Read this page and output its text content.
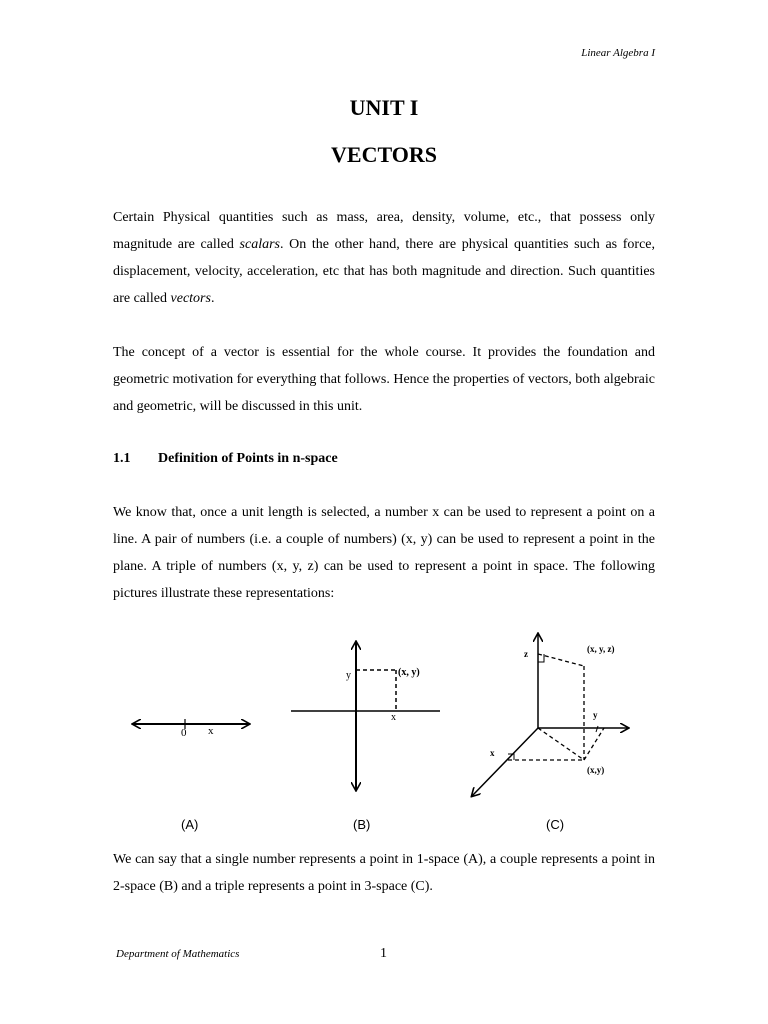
Linear Algebra I
UNIT I
VECTORS
Certain Physical quantities such as mass, area, density, volume, etc., that possess only magnitude are called scalars. On the other hand, there are physical quantities such as force, displacement, velocity, acceleration, etc that has both magnitude and direction. Such quantities are called vectors.
The concept of a vector is essential for the whole course. It provides the foundation and geometric motivation for everything that follows. Hence the properties of vectors, both algebraic and geometric, will be discussed in this unit.
1.1 Definition of Points in n-space
We know that, once a unit length is selected, a number x can be used to represent a point on a line. A pair of numbers (i.e. a couple of numbers) (x, y) can be used to represent a point in the plane. A triple of numbers (x, y, z) can be used to represent a point in space. The following pictures illustrate these representations:
0 x
y	(x, y)
x
z	(x, y, z)
y
x
(x,y)
(A)	(B)	(C)
We can say that a single number represents a point in 1-space (A), a couple represents a point in 2-space (B) and a triple represents a point in 3-space (C).
Department of Mathematics	1
